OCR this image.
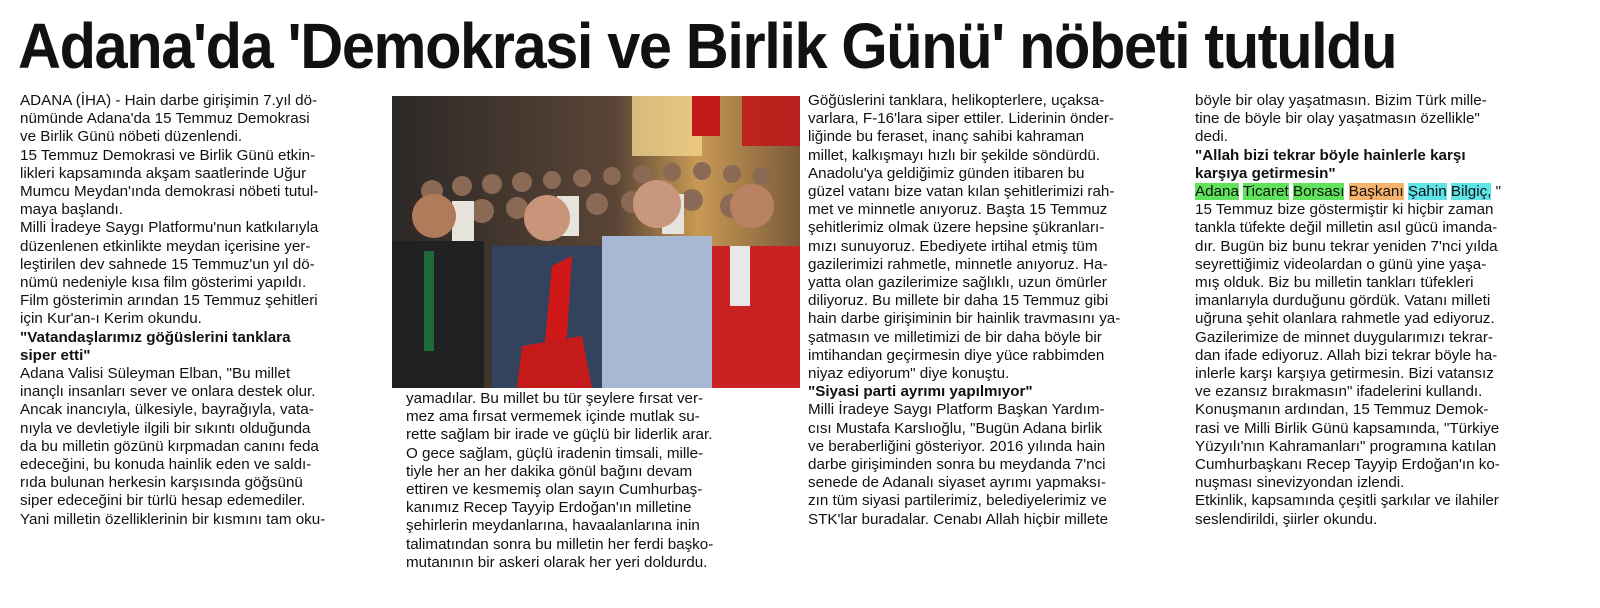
Adana'da 'Demokrasi ve Birlik Günü' nöbeti tutuldu

ADANA (İHA) - Hain darbe girişimin 7.yıl dö-

nümünde Adana'da 15 Temmuz Demokrasi

ve Birlik Günü nöbeti düzenlendi.

15 Temmuz Demokrasi ve Birlik Günü etkin-

likleri kapsamında akşam saatlerinde Uğur

Mumcu Meydan'ında demokrasi nöbeti tutul-

maya başlandı.

Milli İradeye Saygı Platformu'nun katkılarıyla

düzenlenen etkinlikte meydan içerisine yer-

leştirilen dev sahnede 15 Temmuz'un yıl dö-

nümü nedeniyle kısa film gösterimi yapıldı.

Film gösterimin arından 15 Temmuz şehitleri

için Kur'an-ı Kerim okundu.

"Vatandaşlarımız göğüslerini tanklara

siper etti"

Adana Valisi Süleyman Elban, "Bu millet

inançlı insanları sever ve onlara destek olur.

Ancak inancıyla, ülkesiyle, bayrağıyla, vata-

nıyla ve devletiyle ilgili bir sıkıntı olduğunda

da bu milletin gözünü kırpmadan canını feda

edeceğini, bu konuda hainlik eden ve saldı-

rıda bulunan herkesin karşısında göğsünü

siper edeceğini bir türlü hesap edemediler.

Yani milletin özelliklerinin bir kısmını tam oku-

yamadılar. Bu millet bu tür şeylere fırsat ver-

mez ama fırsat vermemek içinde mutlak su-

rette sağlam bir irade ve güçlü bir liderlik arar.

O gece sağlam, güçlü iradenin timsali, mille-

tiyle her an her dakika gönül bağını devam

ettiren ve kesmemiş olan sayın Cumhurbaş-

kanımız Recep Tayyip Erdoğan'ın milletine

şehirlerin meydanlarına, havaalanlarına inin

talimatından sonra bu milletin her ferdi başko-

mutanının bir askeri olarak her yeri doldurdu.

Göğüslerini tanklara, helikopterlere, uçaksa-

varlara, F-16'lara siper ettiler. Liderinin önder-

liğinde bu feraset, inanç sahibi kahraman

millet, kalkışmayı hızlı bir şekilde söndürdü.

Anadolu'ya geldiğimiz günden itibaren bu

güzel vatanı bize vatan kılan şehitlerimizi rah-

met ve minnetle anıyoruz. Başta 15 Temmuz

şehitlerimiz olmak üzere hepsine şükranları-

mızı sunuyoruz. Ebediyete irtihal etmiş tüm

gazilerimizi rahmetle, minnetle anıyoruz. Ha-

yatta olan gazilerimize sağlıklı, uzun ömürler

diliyoruz. Bu millete bir daha 15 Temmuz gibi

hain darbe girişiminin bir hainlik travmasını ya-

şatmasın ve milletimizi de bir daha böyle bir

imtihandan geçirmesin diye yüce rabbimden

niyaz ediyorum" diye konuştu.

"Siyasi parti ayrımı yapılmıyor"

Milli İradeye Saygı Platform Başkan Yardım-

cısı Mustafa Karslıoğlu, "Bugün Adana birlik

ve beraberliğini gösteriyor. 2016 yılında hain

darbe girişiminden sonra bu meydanda 7'nci

senede de Adanalı siyaset ayrımı yapmaksı-

zın tüm siyasi partilerimiz, belediyelerimiz ve

STK'lar buradalar. Cenabı Allah hiçbir millete

böyle bir olay yaşatmasın. Bizim Türk mille-

tine de böyle bir olay yaşatmasın özellikle"

dedi.

"Allah bizi tekrar böyle hainlerle karşı

karşıya getirmesin"

Adana Ticaret Borsası Başkanı Şahin Bilgiç, "

15 Temmuz bize göstermiştir ki hiçbir zaman

tankla tüfekte değil milletin asıl gücü imanda-

dır. Bugün biz bunu tekrar yeniden 7'nci yılda

seyrettiğimiz videolardan o günü yine yaşa-

mış olduk. Biz bu milletin tankları tüfekleri

imanlarıyla durduğunu gördük. Vatanı milleti

uğruna şehit olanlara rahmetle yad ediyoruz.

Gazilerimize de minnet duygularımızı tekrar-

dan ifade ediyoruz. Allah bizi tekrar böyle ha-

inlerle karşı karşıya getirmesin. Bizi vatansız

ve ezansız bırakmasın" ifadelerini kullandı.

Konuşmanın ardından, 15 Temmuz Demok-

rasi ve Milli Birlik Günü kapsamında, "Türkiye

Yüzyılı'nın Kahramanları" programına katılan

Cumhurbaşkanı Recep Tayyip Erdoğan'ın ko-

nuşması sinevizyondan izlendi.

Etkinlik, kapsamında çeşitli şarkılar ve ilahiler

seslendirildi, şiirler okundu.
